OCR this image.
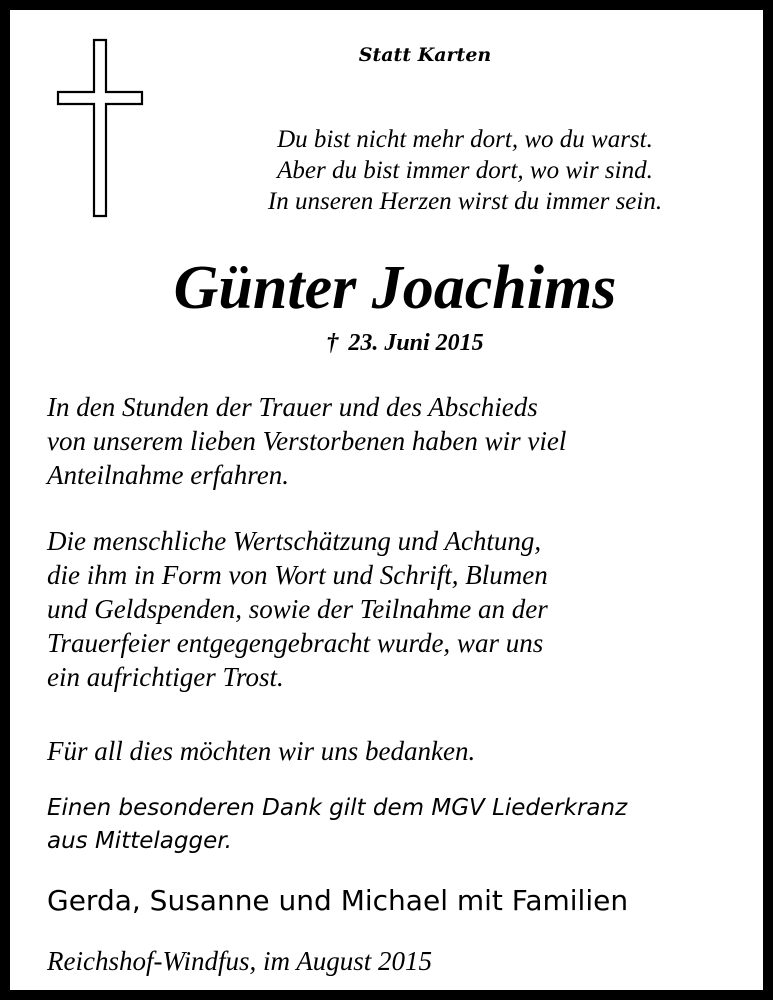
Statt Karten
Du bist nicht mehr dort, wo du warst.
Aber du bist immer dort, wo wir sind.
In unseren Herzen wirst du immer sein.
Günter Joachims
† 23. Juni 2015
In den Stunden der Trauer und des Abschieds
von unserem lieben Verstorbenen haben wir viel
Anteilnahme erfahren.
Die menschliche Wertschätzung und Achtung,
die ihm in Form von Wort und Schrift, Blumen
und Geldspenden, sowie der Teilnahme an der
Trauerfeier entgegengebracht wurde, war uns
ein aufrichtiger Trost.
Für all dies möchten wir uns bedanken.
Einen besonderen Dank gilt dem MGV Liederkranz
aus Mittelagger.
Gerda, Susanne und Michael mit Familien
Reichshof-Windfus, im August 2015
